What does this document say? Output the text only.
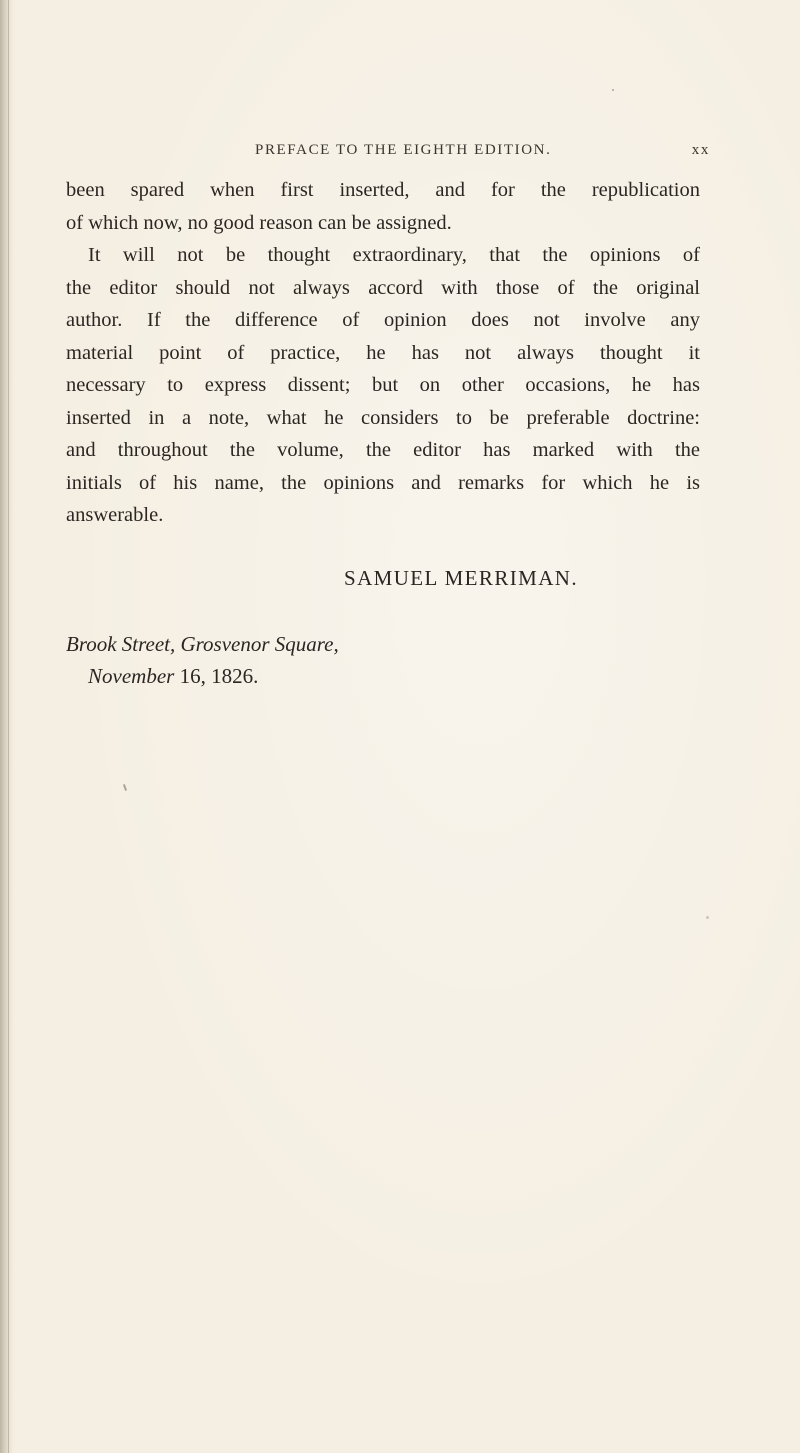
PREFACE TO THE EIGHTH EDITION.	xx
been spared when first inserted, and for the republication
of which now, no good reason can be assigned.
It will not be thought extraordinary, that the opinions of
the editor should not always accord with those of the original
author. If the difference of opinion does not involve any
material point of practice, he has not always thought it
necessary to express dissent; but on other occasions, he has
inserted in a note, what he considers to be preferable doctrine:
and throughout the volume, the editor has marked with the
initials of his name, the opinions and remarks for which he is
answerable.
SAMUEL MERRIMAN.
Brook Street, Grosvenor Square,
November 16, 1826.
